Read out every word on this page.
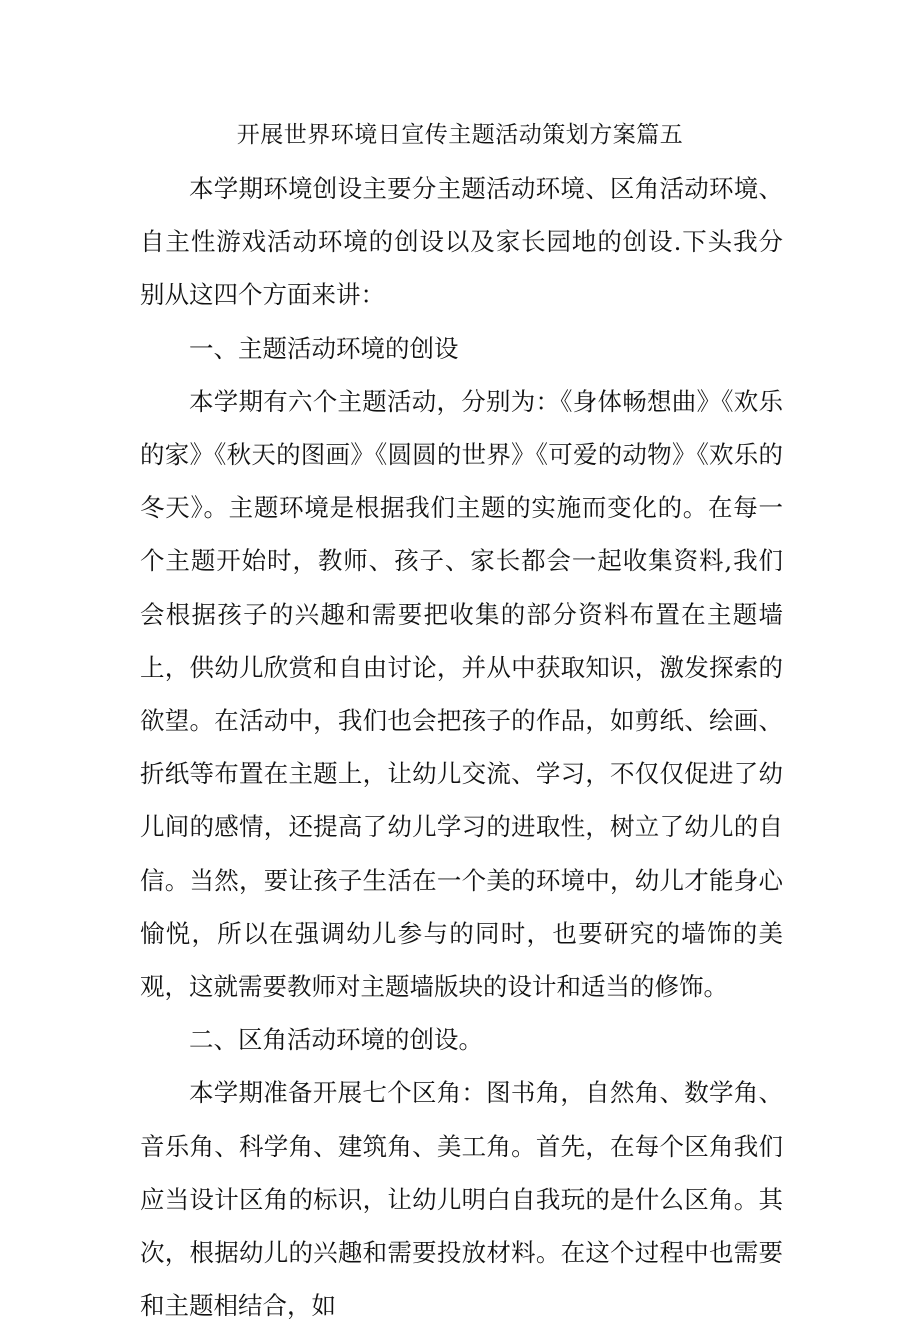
开展世界环境日宣传主题活动策划方案篇五

本学期环境创设主要分主题活动环境、区角活动环境、自主性游戏活动环境的创设以及家长园地的创设.下头我分别从这四个方面来讲：

一、主题活动环境的创设

本学期有六个主题活动，分别为：《身体畅想曲》《欢乐的家》《秋天的图画》《圆圆的世界》《可爱的动物》《欢乐的冬天》。主题环境是根据我们主题的实施而变化的。在每一个主题开始时，教师、孩子、家长都会一起收集资料,我们会根据孩子的兴趣和需要把收集的部分资料布置在主题墙上，供幼儿欣赏和自由讨论，并从中获取知识，激发探索的欲望。在活动中，我们也会把孩子的作品，如剪纸、绘画、折纸等布置在主题上，让幼儿交流、学习，不仅仅促进了幼儿间的感情，还提高了幼儿学习的进取性，树立了幼儿的自信。当然，要让孩子生活在一个美的环境中，幼儿才能身心愉悦，所以在强调幼儿参与的同时，也要研究的墙饰的美观，这就需要教师对主题墙版块的设计和适当的修饰。

二、区角活动环境的创设。

本学期准备开展七个区角：图书角，自然角、数学角、音乐角、科学角、建筑角、美工角。首先，在每个区角我们应当设计区角的标识，让幼儿明白自我玩的是什么区角。其次，根据幼儿的兴趣和需要投放材料。在这个过程中也需要和主题相结合，如
